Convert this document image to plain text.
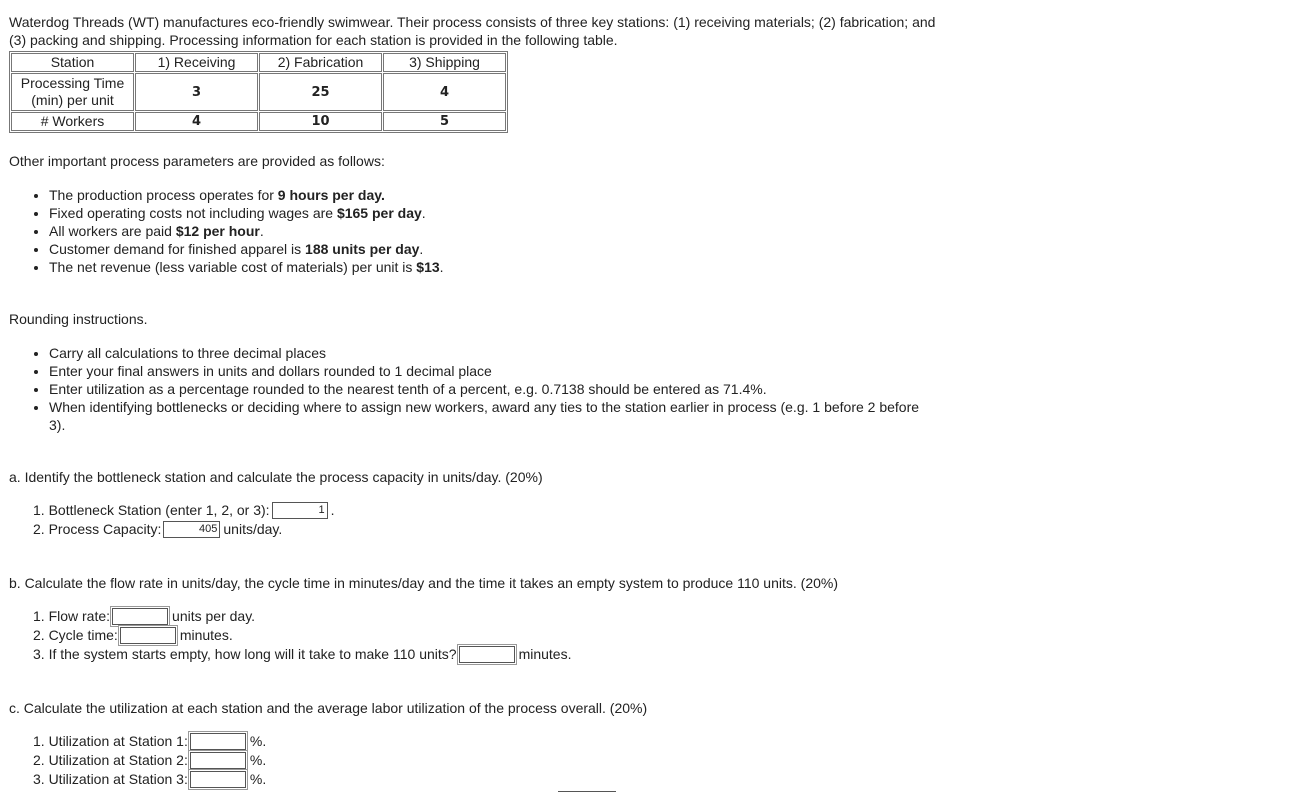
Waterdog Threads (WT) manufactures eco-friendly swimwear. Their process consists of three key stations: (1) receiving materials; (2) fabrication; and (3) packing and shipping. Processing information for each station is provided in the following table.
Station	1) Receiving	2) Fabrication	3) Shipping

Processing Time
(min) per unit	3	25	4
# Workers	4	10	5
Other important process parameters are provided as follows:
• The production process operates for 9 hours per day.
• Fixed operating costs not including wages are $165 per day.
• All workers are paid $12 per hour.
• Customer demand for finished apparel is 188 units per day.
• The net revenue (less variable cost of materials) per unit is $13.
Rounding instructions.
• Carry all calculations to three decimal places
• Enter your final answers in units and dollars rounded to 1 decimal place
• Enter utilization as a percentage rounded to the nearest tenth of a percent, e.g. 0.7138 should be entered as 71.4%.
• When identifying bottlenecks or deciding where to assign new workers, award any ties to the station earlier in process (e.g. 1 before 2 before 3).
a. Identify the bottleneck station and calculate the process capacity in units/day. (20%)
1. Bottleneck Station (enter 1, 2, or 3):	1 .
2. Process Capacity:	405 units/day.
b. Calculate the flow rate in units/day, the cycle time in minutes/day and the time it takes an empty system to produce 110 units. (20%)
1. Flow rate:	units per day.
2. Cycle time:	minutes.
3. If the system starts empty, how long will it take to make 110 units?	minutes.
c. Calculate the utilization at each station and the average labor utilization of the process overall. (20%)
1. Utilization at Station 1:	%.
2. Utilization at Station 2:	%.
3. Utilization at Station 3:	%.
